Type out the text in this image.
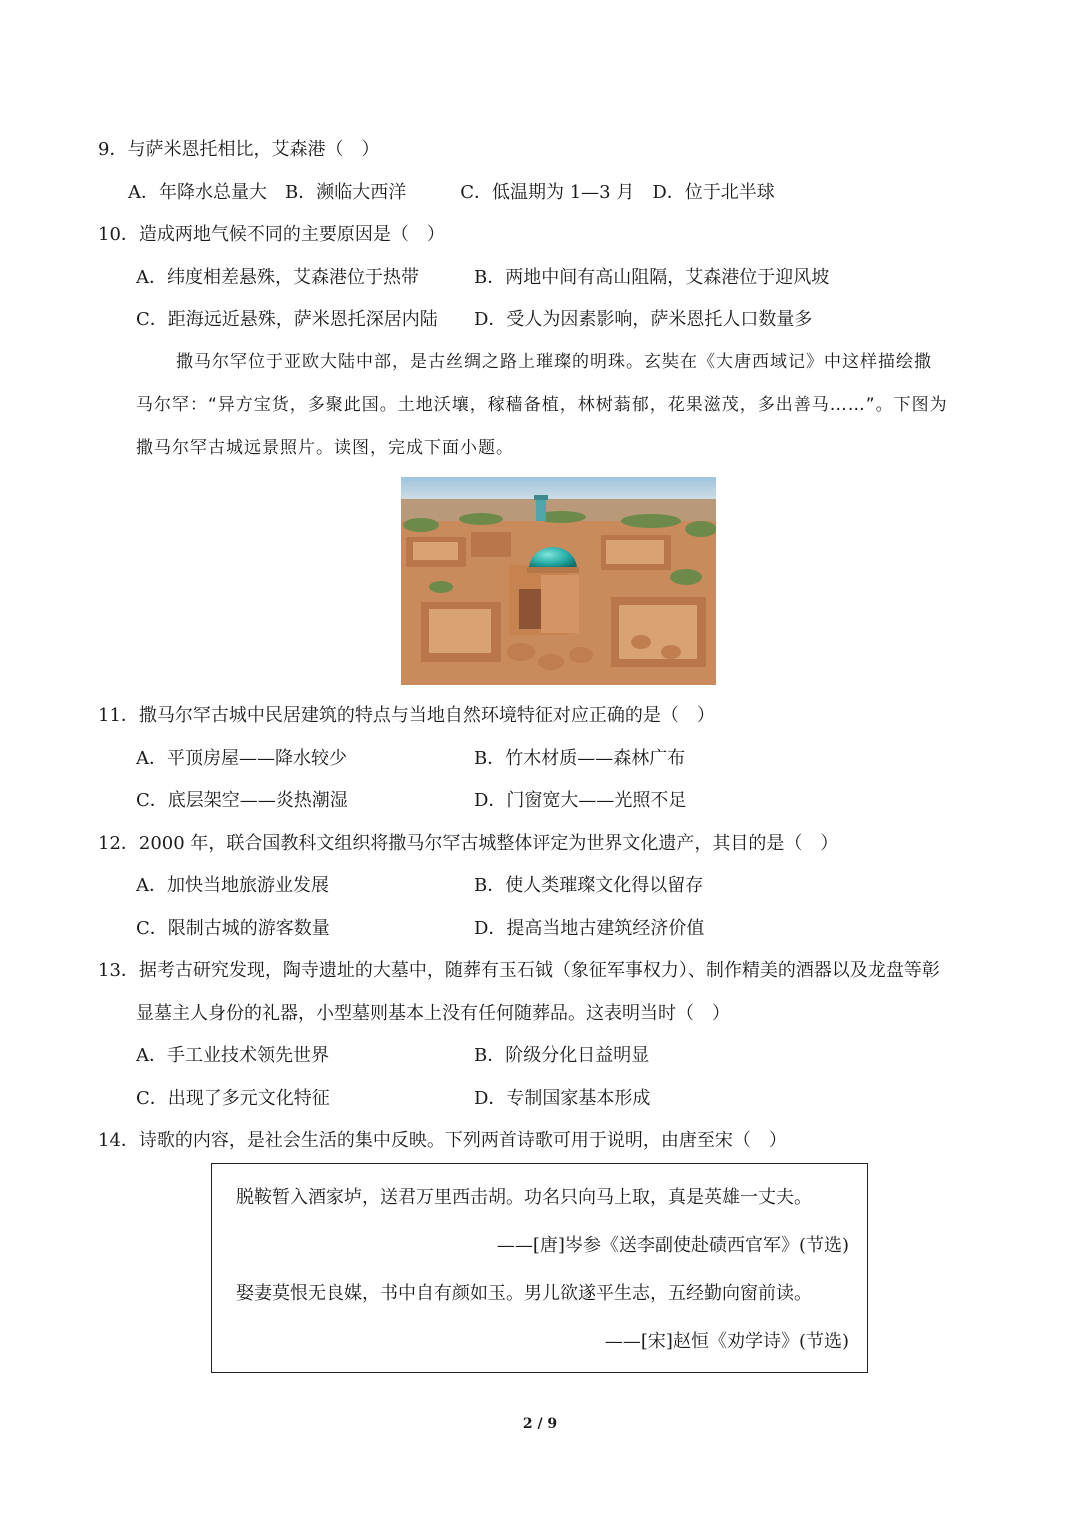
9．与萨米恩托相比，艾森港（　）
A．年降水总量大　B．濒临大西洋　　　C．低温期为 1—3 月　D．位于北半球
10．造成两地气候不同的主要原因是（　）
A．纬度相差悬殊，艾森港位于热带	B．两地中间有高山阻隔，艾森港位于迎风坡
C．距海远近悬殊，萨米恩托深居内陆 D．受人为因素影响，萨米恩托人口数量多
撒马尔罕位于亚欧大陆中部，是古丝绸之路上璀璨的明珠。玄奘在《大唐西域记》中这样描绘撒
马尔罕：“异方宝货，多聚此国。土地沃壤，稼穑备植，林树蓊郁，花果滋茂，多出善马……”。下图为
撒马尔罕古城远景照片。读图，完成下面小题。
11．撒马尔罕古城中民居建筑的特点与当地自然环境特征对应正确的是（　）
A．平顶房屋——降水较少	B．竹木材质——森林广布
C．底层架空——炎热潮湿	D．门窗宽大——光照不足
12．2000 年，联合国教科文组织将撒马尔罕古城整体评定为世界文化遗产，其目的是（　）
A．加快当地旅游业发展	B．使人类璀璨文化得以留存
C．限制古城的游客数量	D．提高当地古建筑经济价值
13．据考古研究发现，陶寺遗址的大墓中，随葬有玉石钺（象征军事权力）、制作精美的酒器以及龙盘等彰
显墓主人身份的礼器，小型墓则基本上没有任何随葬品。这表明当时（　）
A．手工业技术领先世界	B．阶级分化日益明显
C．出现了多元文化特征	D．专制国家基本形成
14．诗歌的内容，是社会生活的集中反映。下列两首诗歌可用于说明，由唐至宋（　）
脱鞍暂入酒家垆，送君万里西击胡。功名只向马上取，真是英雄一丈夫。
——[唐]岑参《送李副使赴碛西官军》(节选)
娶妻莫恨无良媒，书中自有颜如玉。男儿欲遂平生志，五经勤向窗前读。
——[宋]赵恒《劝学诗》(节选)
2 / 9
